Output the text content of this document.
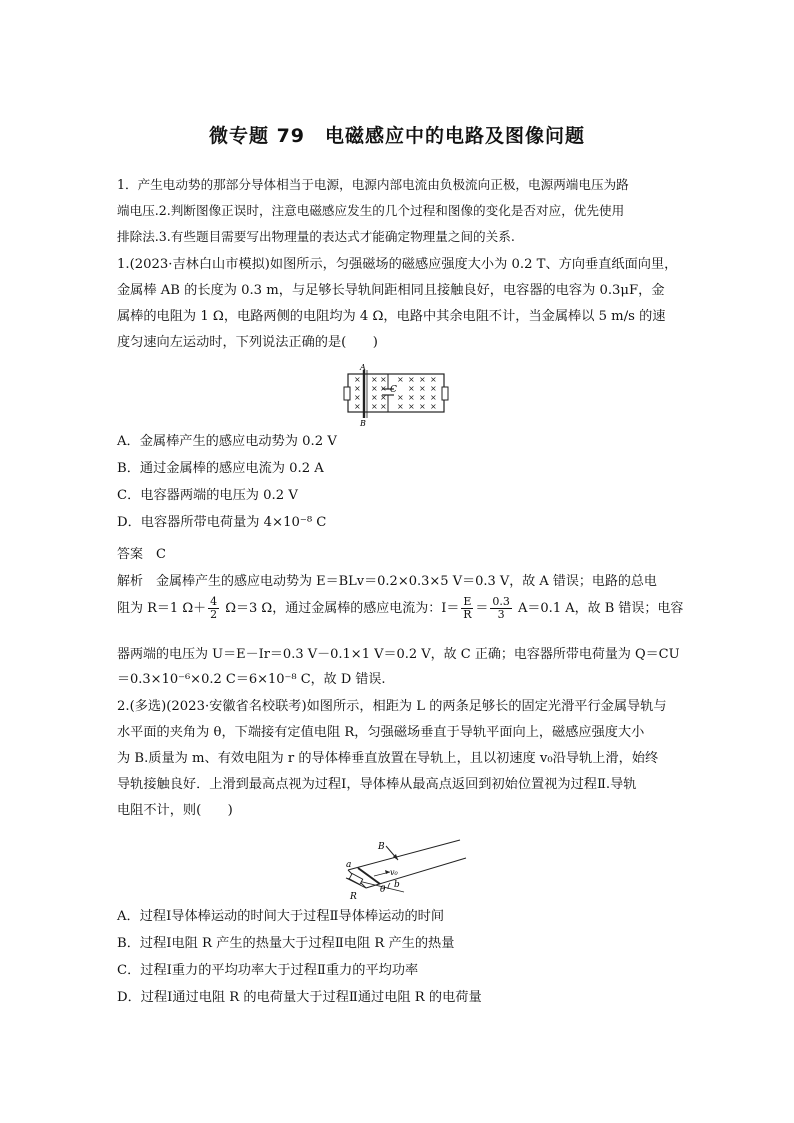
微专题 79　电磁感应中的电路及图像问题
1．产生电动势的那部分导体相当于电源，电源内部电流由负极流向正极，电源两端电压为路
端电压.2.判断图像正误时，注意电磁感应发生的几个过程和图像的变化是否对应，优先使用
排除法.3.有些题目需要写出物理量的表达式才能确定物理量之间的关系.
1.(2023·吉林白山市模拟)如图所示，匀强磁场的磁感应强度大小为 0.2 T、方向垂直纸面向里，
金属棒 AB 的长度为 0.3 m，与足够长导轨间距相同且接触良好，电容器的电容为 0.3μF，金
属棒的电阻为 1 Ω，电路两侧的电阻均为 4 Ω，电路中其余电阻不计，当金属棒以 5 m/s 的速
度匀速向左运动时，下列说法正确的是(　　)
A
B
C
× × × × × × ×
× × ×	× × ×
× × × × × × ×
× × × × × × ×
A．金属棒产生的感应电动势为 0.2 V
B．通过金属棒的感应电流为 0.2 A
C．电容器两端的电压为 0.2 V
D．电容器所带电荷量为 4×10⁻⁸ C
答案　C
解析　金属棒产生的感应电动势为 E＝BLv＝0.2×0.3×5 V＝0.3 V，故 A 错误；电路的总电
阻为 R＝1 $\Omega+ \frac{4}{2} \Omega=3$ Ω，通过金属棒的感应电流为：$I= \frac{E}{R} = \frac{0.3}{3} A=0.1$ A，故 B 错误；电容
器两端的电压为 U＝E－Ir＝0.3 V－0.1×1 V＝0.2 V，故 C 正确；电容器所带电荷量为 Q＝CU
＝0.3×10⁻⁶×0.2 C＝6×10⁻⁸ C，故 D 错误.
2.(多选)(2023·安徽省名校联考)如图所示，相距为 L 的两条足够长的固定光滑平行金属导轨与
水平面的夹角为 θ，下端接有定值电阻 R，匀强磁场垂直于导轨平面向上，磁感应强度大小
为 B.质量为 m、有效电阻为 r 的导体棒垂直放置在导轨上，且以初速度 v₀沿导轨上滑，始终
导轨接触良好．上滑到最高点视为过程Ⅰ，导体棒从最高点返回到初始位置视为过程Ⅱ.导轨
电阻不计，则(　　)
B
a
b
v₀
θ
R
A．过程Ⅰ导体棒运动的时间大于过程Ⅱ导体棒运动的时间
B．过程Ⅰ电阻 R 产生的热量大于过程Ⅱ电阻 R 产生的热量
C．过程Ⅰ重力的平均功率大于过程Ⅱ重力的平均功率
D．过程Ⅰ通过电阻 R 的电荷量大于过程Ⅱ通过电阻 R 的电荷量
